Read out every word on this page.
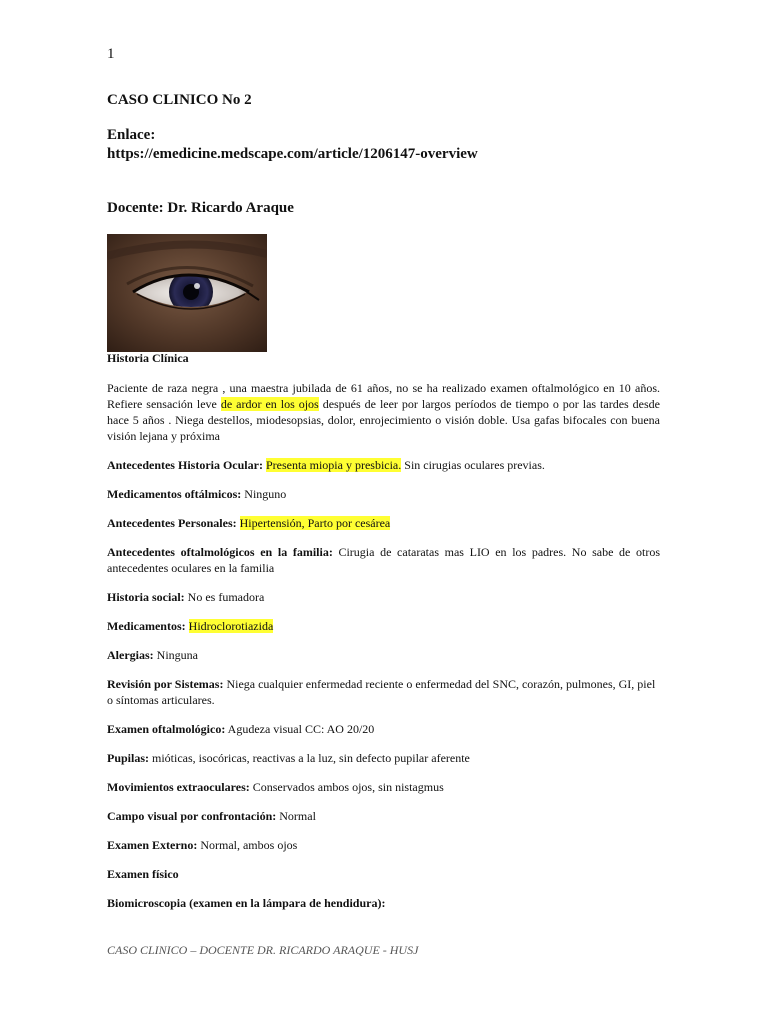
1
CASO CLINICO No 2
Enlace:
https://emedicine.medscape.com/article/1206147-overview
Docente: Dr. Ricardo Araque

Historia Clínica

Paciente de raza negra , una maestra jubilada de 61 años, no se ha realizado examen oftalmológico en 10 años. Refiere sensación leve de ardor en los ojos después de leer por largos períodos de tiempo o por las tardes desde hace 5 años . Niega destellos, miodesopsias, dolor, enrojecimiento o visión doble. Usa gafas bifocales con buena visión lejana y próxima

Antecedentes Historia Ocular: Presenta miopia y presbicia. Sin cirugias oculares previas.

Medicamentos oftálmicos: Ninguno

Antecedentes Personales: Hipertensión, Parto por cesárea

Antecedentes oftalmológicos en la familia: Cirugia de cataratas mas LIO en los padres. No sabe de otros antecedentes oculares en la familia

Historia social: No es fumadora

Medicamentos: Hidroclorotiazida

Alergias: Ninguna

Revisión por Sistemas: Niega cualquier enfermedad reciente o enfermedad del SNC, corazón, pulmones, GI, piel o síntomas articulares.

Examen oftalmológico: Agudeza visual CC: AO 20/20

Pupilas: mióticas, isocóricas, reactivas a la luz, sin defecto pupilar aferente

Movimientos extraoculares: Conservados ambos ojos, sin nistagmus

Campo visual por confrontación: Normal

Examen Externo: Normal, ambos ojos

Examen físico

Biomicroscopia (examen en la lámpara de hendidura):

CASO CLINICO – DOCENTE DR. RICARDO ARAQUE - HUSJ
